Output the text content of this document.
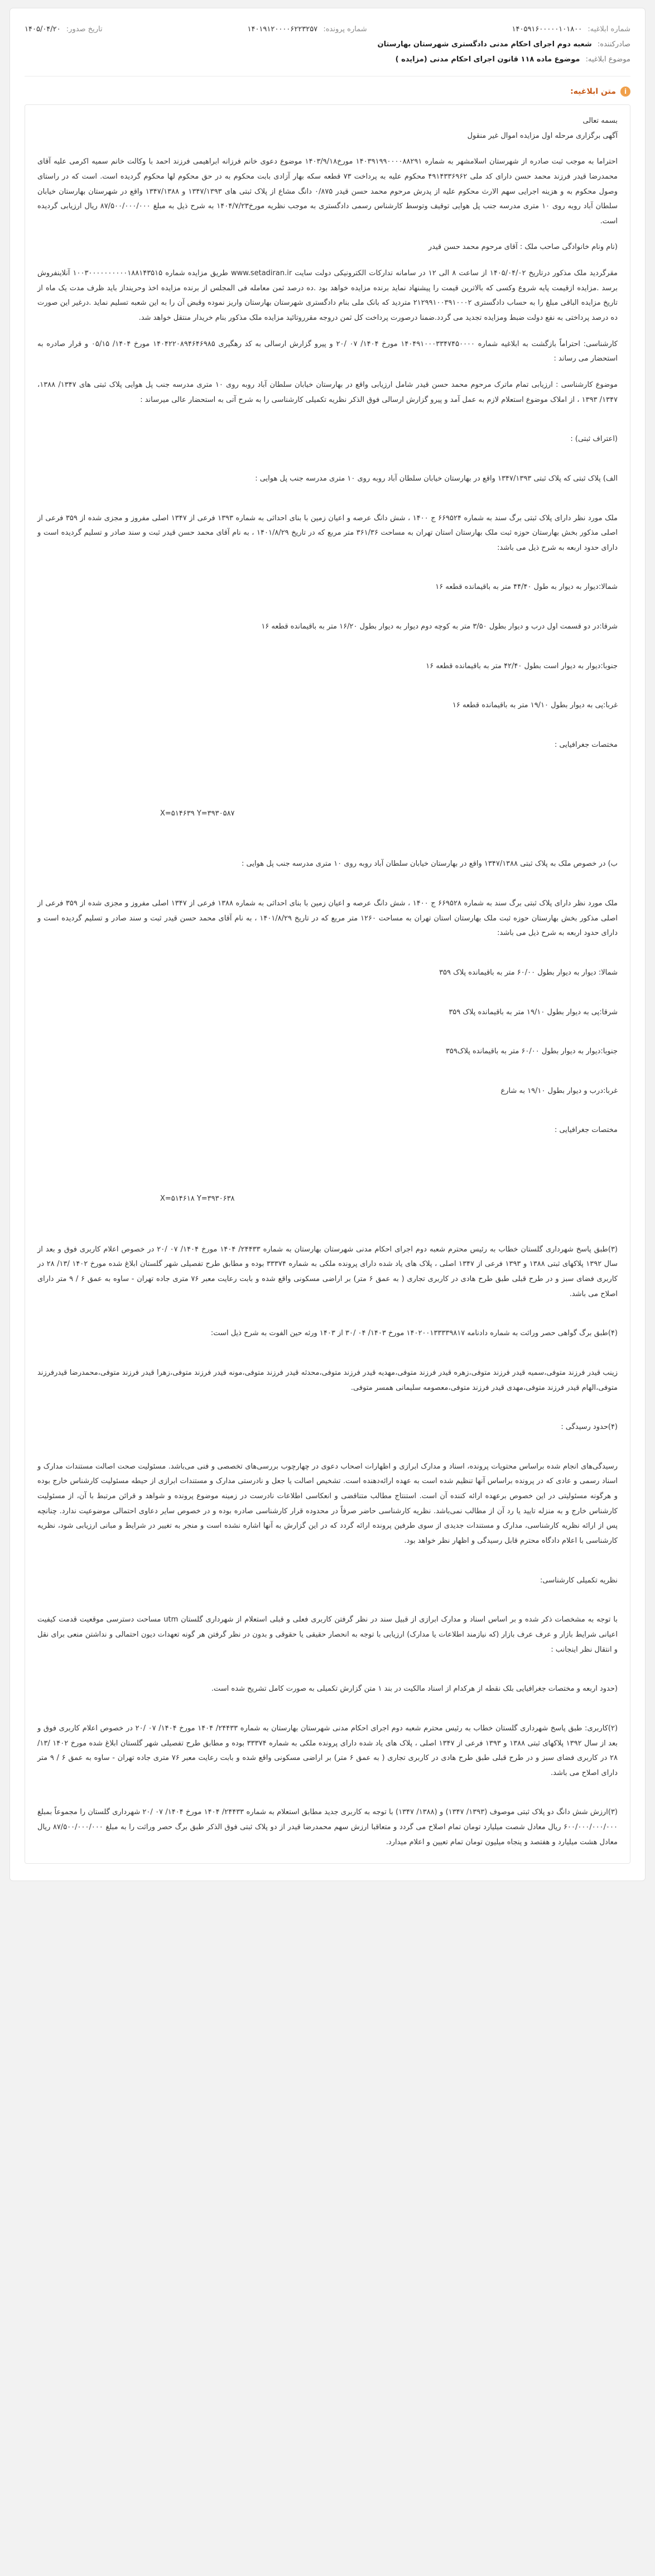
شماره ابلاغیه: ۱۴۰۵۹۱۶۰۰۰۰۰۱۰۱۸۰۰
شماره پرونده: ۱۴۰۱۹۱۲۰۰۰۰۶۲۲۳۲۵۷
تاریخ صدور: ۱۴۰۵/۰۴/۲۰
صادرکننده: شعبه دوم اجرای احکام مدنی دادگستری شهرستان بهارستان
موضوع ابلاغیه: موضوع ماده ۱۱۸ قانون اجرای احکام مدنی (مزایده )
i
متن ابلاغیه:

بسمه تعالی

آگهی برگزاری مرحله اول مزایده اموال غیر منقول

احتراما به موجب ثبت صادره از شهرستان اسلامشهر به شماره ۱۴۰۳۹۱۹۹۰۰۰۰۸۸۲۹۱ مورخ۱۴۰۳/۹/۱۸ موضوع دعوی خانم فرزانه ابراهیمی فرزند احمد با وکالت خانم سمیه اکرمی علیه آقای محمدرضا قیدر فرزند محمد حسن دارای کد ملی ۴۹۱۴۳۳۶۹۶۲ محکوم علیه به پرداخت ۷۳ قطعه سکه بهار آزادی بابت محکوم به در حق محکوم لها محکوم گردیده است. است که در راستای وصول محکوم به و هزینه اجرایی سهم الارث محکوم علیه از پدرش مرحوم محمد حسن قیدر ۰/۸۷۵ دانگ مشاع از پلاک ثبتی های ۱۳۴۷/۱۳۹۳ و ۱۳۴۷/۱۳۸۸ واقع در شهرستان بهارستان خیابان سلطان آباد روبه روی ۱۰ متری مدرسه جنب پل هوایی توقیف وتوسط کارشناس رسمی دادگستری به موجب نظریه مورخ۱۴۰۴/۷/۲۳ به شرح ذیل به مبلغ ۸۷/۵۰۰/۰۰۰/۰۰۰ ریال ارزیابی گردیده است.

(نام ونام خانوادگی صاحب ملک : آقای مرحوم محمد حسن قیدر

مقرگردید ملک مذکور درتاریخ ۱۴۰۵/۰۴/۰۲ از ساعت ۸ الی ۱۲ در سامانه تدارکات الکترونیکی دولت سایت www.setadiran.ir طریق مزایده شماره ۱۰۰۳۰۰۰۰۰۰۰۰۰۰۱۸۸۱۴۳۵۱۵ آنلاینفروش برسد .مزایده ازقیمت پایه شروع وکسی که بالاترین قیمت را پیشنهاد نماید برنده مزایده خواهد بود .ده درصد ثمن معامله فی المجلس از برنده مزایده اخذ وحرینداز باید ظرف مدت یک ماه از تاریخ مزایده الباقی مبلغ را به حساب دادگستری ۲۱۲۹۹۱۰۰۳۹۱۰۰۰۲ متردید که بانک ملی بنام دادگستری شهرستان بهارستان واریز نموده وقبض آن را به این شعبه تسلیم نماید .درغیر این صورت ده درصد پرداختی به نفع دولت ضبط ومزایده تجدید می گردد.ضمنا درصورت پرداخت کل ثمن دروجه مقرروتائید مزایده ملک مذکور بنام خریدار منتقل خواهد شد.

کارشناسی: احتراماً بازگشت به ابلاغیه شماره ۱۴۰۴۹۱۰۰۰۳۳۴۷۴۵۰۰۰۰ مورخ ۱۴۰۴/ ۰۷ /۲۰ و پیرو گزارش ارسالی به کد رهگیری ۱۴۰۴۲۲۰۸۹۴۶۴۶۹۸۵ مورخ ۱۴۰۴/ ۰۵/۱۵ و قرار صادره به استحضار می رساند :

موضوع کارشناسی : ارزیابی تمام ماترک مرحوم محمد حسن قیدر شامل ارزیابی واقع در بهارستان خیابان سلطان آباد روبه روی ۱۰ متری مدرسه جنب پل هوایی پلاک ثبتی های ۱۳۴۷/ ۱۳۸۸، ۱۳۴۷/ ۱۳۹۳ ، از املاک موضوع استعلام لازم به عمل آمد و پیرو گزارش ارسالی فوق الذکر نظریه تکمیلی کارشناسی را به شرح آتی به استحضار عالی میرساند :

(اعتراف ثبتی) :

الف) پلاک ثبتی که پلاک ثبتی ۱۳۴۷/۱۳۹۳ واقع در بهارستان خیابان سلطان آباد روبه روی ۱۰ متری مدرسه جنب پل هوایی :

ملک مورد نظر دارای پلاک ثبتی برگ سند به شماره ۶۶۹۵۲۴ ج ۱۴۰۰ ، شش دانگ عرصه و اعیان زمین با بنای احداثی به شماره ۱۳۹۳ فرعی از ۱۳۴۷ اصلی مفروز و مجزی شده از ۳۵۹ فرعی از اصلی مذکور بخش بهارستان حوزه ثبت ملک بهارستان استان تهران به مساحت ۳۶۱/۳۶ متر مربع که در تاریخ ۱۴۰۱/۸/۲۹ ، به نام آقای محمد حسن قیدر ثبت و سند صادر و تسلیم گردیده است و دارای حدود اربعه به شرح ذیل می باشد:

شمالا:دیوار به دیوار به طول ۴۴/۴۰ متر به باقیمانده قطعه ۱۶

شرقا:در دو قسمت اول درب و دیوار بطول ۳/۵۰ متر به کوچه دوم دیوار به دیوار بطول ۱۶/۲۰ متر به باقیمانده قطعه ۱۶

جنوبا:دیوار به دیوار است بطول ۴۲/۴۰ متر به باقیمانده قطعه ۱۶

غربا:پی به دیوار بطول ۱۹/۱۰ متر به باقیمانده قطعه ۱۶

مختصات جغرافیایی :

X=۵۱۴۶۳۹ Y=۳۹۳۰۵۸۷

ب) در خصوص ملک به پلاک ثبتی ۱۳۴۷/۱۳۸۸ واقع در بهارستان خیابان سلطان آباد روبه روی ۱۰ متری مدرسه جنب پل هوایی :

ملک مورد نظر دارای پلاک ثبتی برگ سند به شماره ۶۶۹۵۲۸ ج ۱۴۰۰ ، شش دانگ عرصه و اعیان زمین با بنای احداثی به شماره ۱۳۸۸ فرعی از ۱۳۴۷ اصلی مفروز و مجزی شده از ۳۵۹ فرعی از اصلی مذکور بخش بهارستان حوزه ثبت ملک بهارستان استان تهران به مساحت ۱۲۶۰ متر مربع که در تاریخ ۱۴۰۱/۸/۲۹ ، به نام آقای محمد حسن قیدر ثبت و سند صادر و تسلیم گردیده است و دارای حدود اربعه به شرح ذیل می باشد:

شمالا: دیوار به دیوار بطول ۶۰/۰۰ متر به باقیمانده پلاک ۳۵۹

شرقا:پی به دیوار بطول ۱۹/۱۰ متر به باقیمانده پلاک ۳۵۹

جنوبا:دیوار به دیوار بطول ۶۰/۰۰ متر به باقیمانده پلاک۳۵۹

غربا:درب و دیوار بطول ۱۹/۱۰ به شارع

مختصات جغرافیایی :

X=۵۱۴۶۱۸ Y=۳۹۳۰۶۳۸

(۳)طبق پاسخ شهرداری گلستان خطاب به رئیس محترم شعبه دوم اجرای احکام مدنی شهرستان بهارستان به شماره ۲۴۴۳۳/ ۱۴۰۴ مورخ ۱۴۰۴/ ۰۷ /۲۰ در خصوص اعلام کاربری فوق و بعد از سال ۱۳۹۲ پلاکهای ثبتی ۱۳۸۸ و ۱۳۹۳ فرعی از ۱۳۴۷ اصلی ، پلاک های یاد شده دارای پرونده ملکی به شماره ۳۳۳۷۴ بوده و مطابق طرح تفصیلی شهر گلستان ابلاغ شده مورخ ۱۴۰۲ /۱۳/ ۲۸ در کاربری فضای سبز و در طرح قبلی طبق طرح هادی در کاربری تجاری ( به عمق ۶ متر) بر اراضی مسکونی واقع شده و بابت رعایت معبر ۷۶ متری جاده تهران - ساوه به عمق ۶ / ۹ متر دارای اصلاح می باشد.

(۴)طبق برگ گواهی حصر وراثت به شماره دادنامه ۱۴۰۲۰۰۱۳۳۳۳۹۸۱۷ مورخ ۱۴۰۳/ ۰۴ /۳۰ از ۱۴۰۳ ورثه حین الفوت به شرح ذیل است:

زینب قیدر فرزند متوفی،سمیه قیدر فرزند متوفی،زهره قیدر فرزند متوفی،مهدیه قیدر فرزند متوفی،محدثه قیدر فرزند متوفی،مونه قیدر فرزند متوفی،زهرا قیدر فرزند متوفی،محمدرضا قیدرفرزند متوفی،الهام قیدر فرزند متوفی،مهدی قیدر فرزند متوفی،معصومه سلیمانی همسر متوفی.

(۴)حدود رسیدگی :

رسیدگی‌های انجام شده براساس محتویات پرونده، اسناد و مدارک ابرازی و اظهارات اصحاب دعوی در چهارچوب بررسی‌های تخصصی و فنی می‌باشد. مسئولیت صحت اصالت مستندات مدارک و اسناد رسمی و عادی که در پرونده براساس آنها تنظیم شده است به عهده ارائه‌دهنده است. تشخیص اصالت یا جعل و نادرستی مدارک و مستندات ابرازی از حیطه مسئولیت کارشناس خارج بوده و هرگونه مسئولیتی در این خصوص برعهده ارائه کننده آن است. استنتاج مطالب متناقضی و انعکاسی اطلاعات نادرست در زمینه موضوع پرونده و شواهد و قرائن مرتبط با آن، از مسئولیت کارشناس خارج و به منزله تایید یا رد آن از مطالب نمی‌باشد. نظریه کارشناسی حاضر صرفاً در محدوده قرار کارشناسی صادره بوده و در خصوص سایر دعاوی احتمالی موضوعیت ندارد. چنانچه پس از ارائه نظریه کارشناسی، مدارک و مستندات جدیدی از سوی طرفین پرونده ارائه گردد که در این گزارش به آنها اشاره نشده است و منجر به تغییر در شرایط و مبانی ارزیابی شود، نظریه کارشناسی با اعلام دادگاه محترم قابل رسیدگی و اظهار نظر خواهد بود.

نظریه تکمیلی کارشناسی:

با توجه به مشخصات ذکر شده و بر اساس اسناد و مدارک ابرازی از قبیل سند در نظر گرفتن کاربری فعلی و قبلی استعلام از شهرداری گلستان utm مساحت دسترسی موقعیت قدمت کیفیت اعیانی شرایط بازار و عرف عرف بازار (که نیازمند اطلاعات یا مدارک) ارزیابی با توجه به انحصار حقیقی یا حقوقی و بدون در نظر گرفتن هر گونه تعهدات دیون احتمالی و نداشتن منعی برای نقل و انتقال نظر اینجانب :

(حدود اربعه و مختصات جغرافیایی بلک نقطه از هرکدام از اسناد مالکیت در بند ۱ متن گزارش تکمیلی به صورت کامل تشریح شده است.

(۲)کاربری: طبق پاسخ شهرداری گلستان خطاب به رئیس محترم شعبه دوم اجرای احکام مدنی شهرستان بهارستان به شماره ۲۴۴۳۳/ ۱۴۰۴ مورخ ۱۴۰۴/ ۰۷ /۲۰ در خصوص اعلام کاربری فوق و بعد از سال ۱۳۹۲ پلاکهای ثبتی ۱۳۸۸ و ۱۳۹۳ فرعی از ۱۳۴۷ اصلی ، پلاک های یاد شده دارای پرونده ملکی به شماره ۳۳۳۷۴ بوده و مطابق طرح تفصیلی شهر گلستان ابلاغ شده مورخ ۱۴۰۲ /۱۳/ ۲۸ در کاربری فضای سبز و در طرح قبلی طبق طرح هادی در کاربری تجاری ( به عمق ۶ متر) بر اراضی مسکونی واقع شده و بابت رعایت معبر ۷۶ متری جاده تهران - ساوه به عمق ۶ / ۹ متر دارای اصلاح می باشد.

(۳)ارزش شش دانگ دو پلاک ثبتی موصوف (۱۳۹۳/ ۱۳۴۷) و (۱۳۸۸/ ۱۳۴۷) با توجه به کاربری جدید مطابق استعلام به شماره ۲۴۴۳۳/ ۱۴۰۴ مورخ ۱۴۰۴/ ۰۷ /۲۰ شهرداری گلستان را مجموعاً بمبلغ ۶۰۰/۰۰۰/۰۰۰/۰۰۰ ریال معادل شصت میلیارد تومان تمام اصلاح می گردد و متعاقبا ارزش سهم محمدرضا قیدر از دو پلاک ثبتی فوق الذکر طبق برگ حصر وراثت را به مبلغ ۸۷/۵۰۰/۰۰۰/۰۰۰ ریال معادل هشت میلیارد و هفتصد و پنجاه میلیون تومان تمام تعیین و اعلام میدارد.
